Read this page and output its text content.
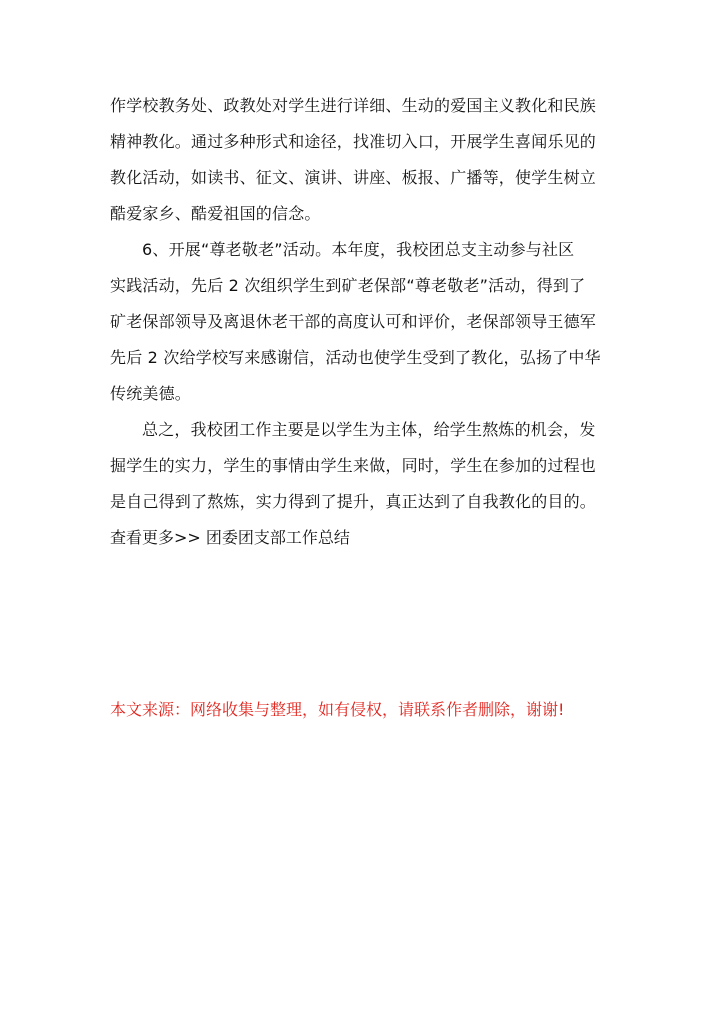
作学校教务处、政教处对学生进行详细、生动的爱国主义教化和民族
精神教化。通过多种形式和途径，找准切入口，开展学生喜闻乐见的
教化活动，如读书、征文、演讲、讲座、板报、广播等，使学生树立
酷爱家乡、酷爱祖国的信念。
6、开展“尊老敬老”活动。本年度，我校团总支主动参与社区
实践活动，先后 2 次组织学生到矿老保部“尊老敬老”活动，得到了
矿老保部领导及离退休老干部的高度认可和评价，老保部领导王德军
先后 2 次给学校写来感谢信，活动也使学生受到了教化，弘扬了中华
传统美德。
总之，我校团工作主要是以学生为主体，给学生熬炼的机会，发
掘学生的实力，学生的事情由学生来做，同时，学生在参加的过程也
是自己得到了熬炼，实力得到了提升，真正达到了自我教化的目的。
查看更多>> 团委团支部工作总结
本文来源：网络收集与整理，如有侵权，请联系作者删除，谢谢!
